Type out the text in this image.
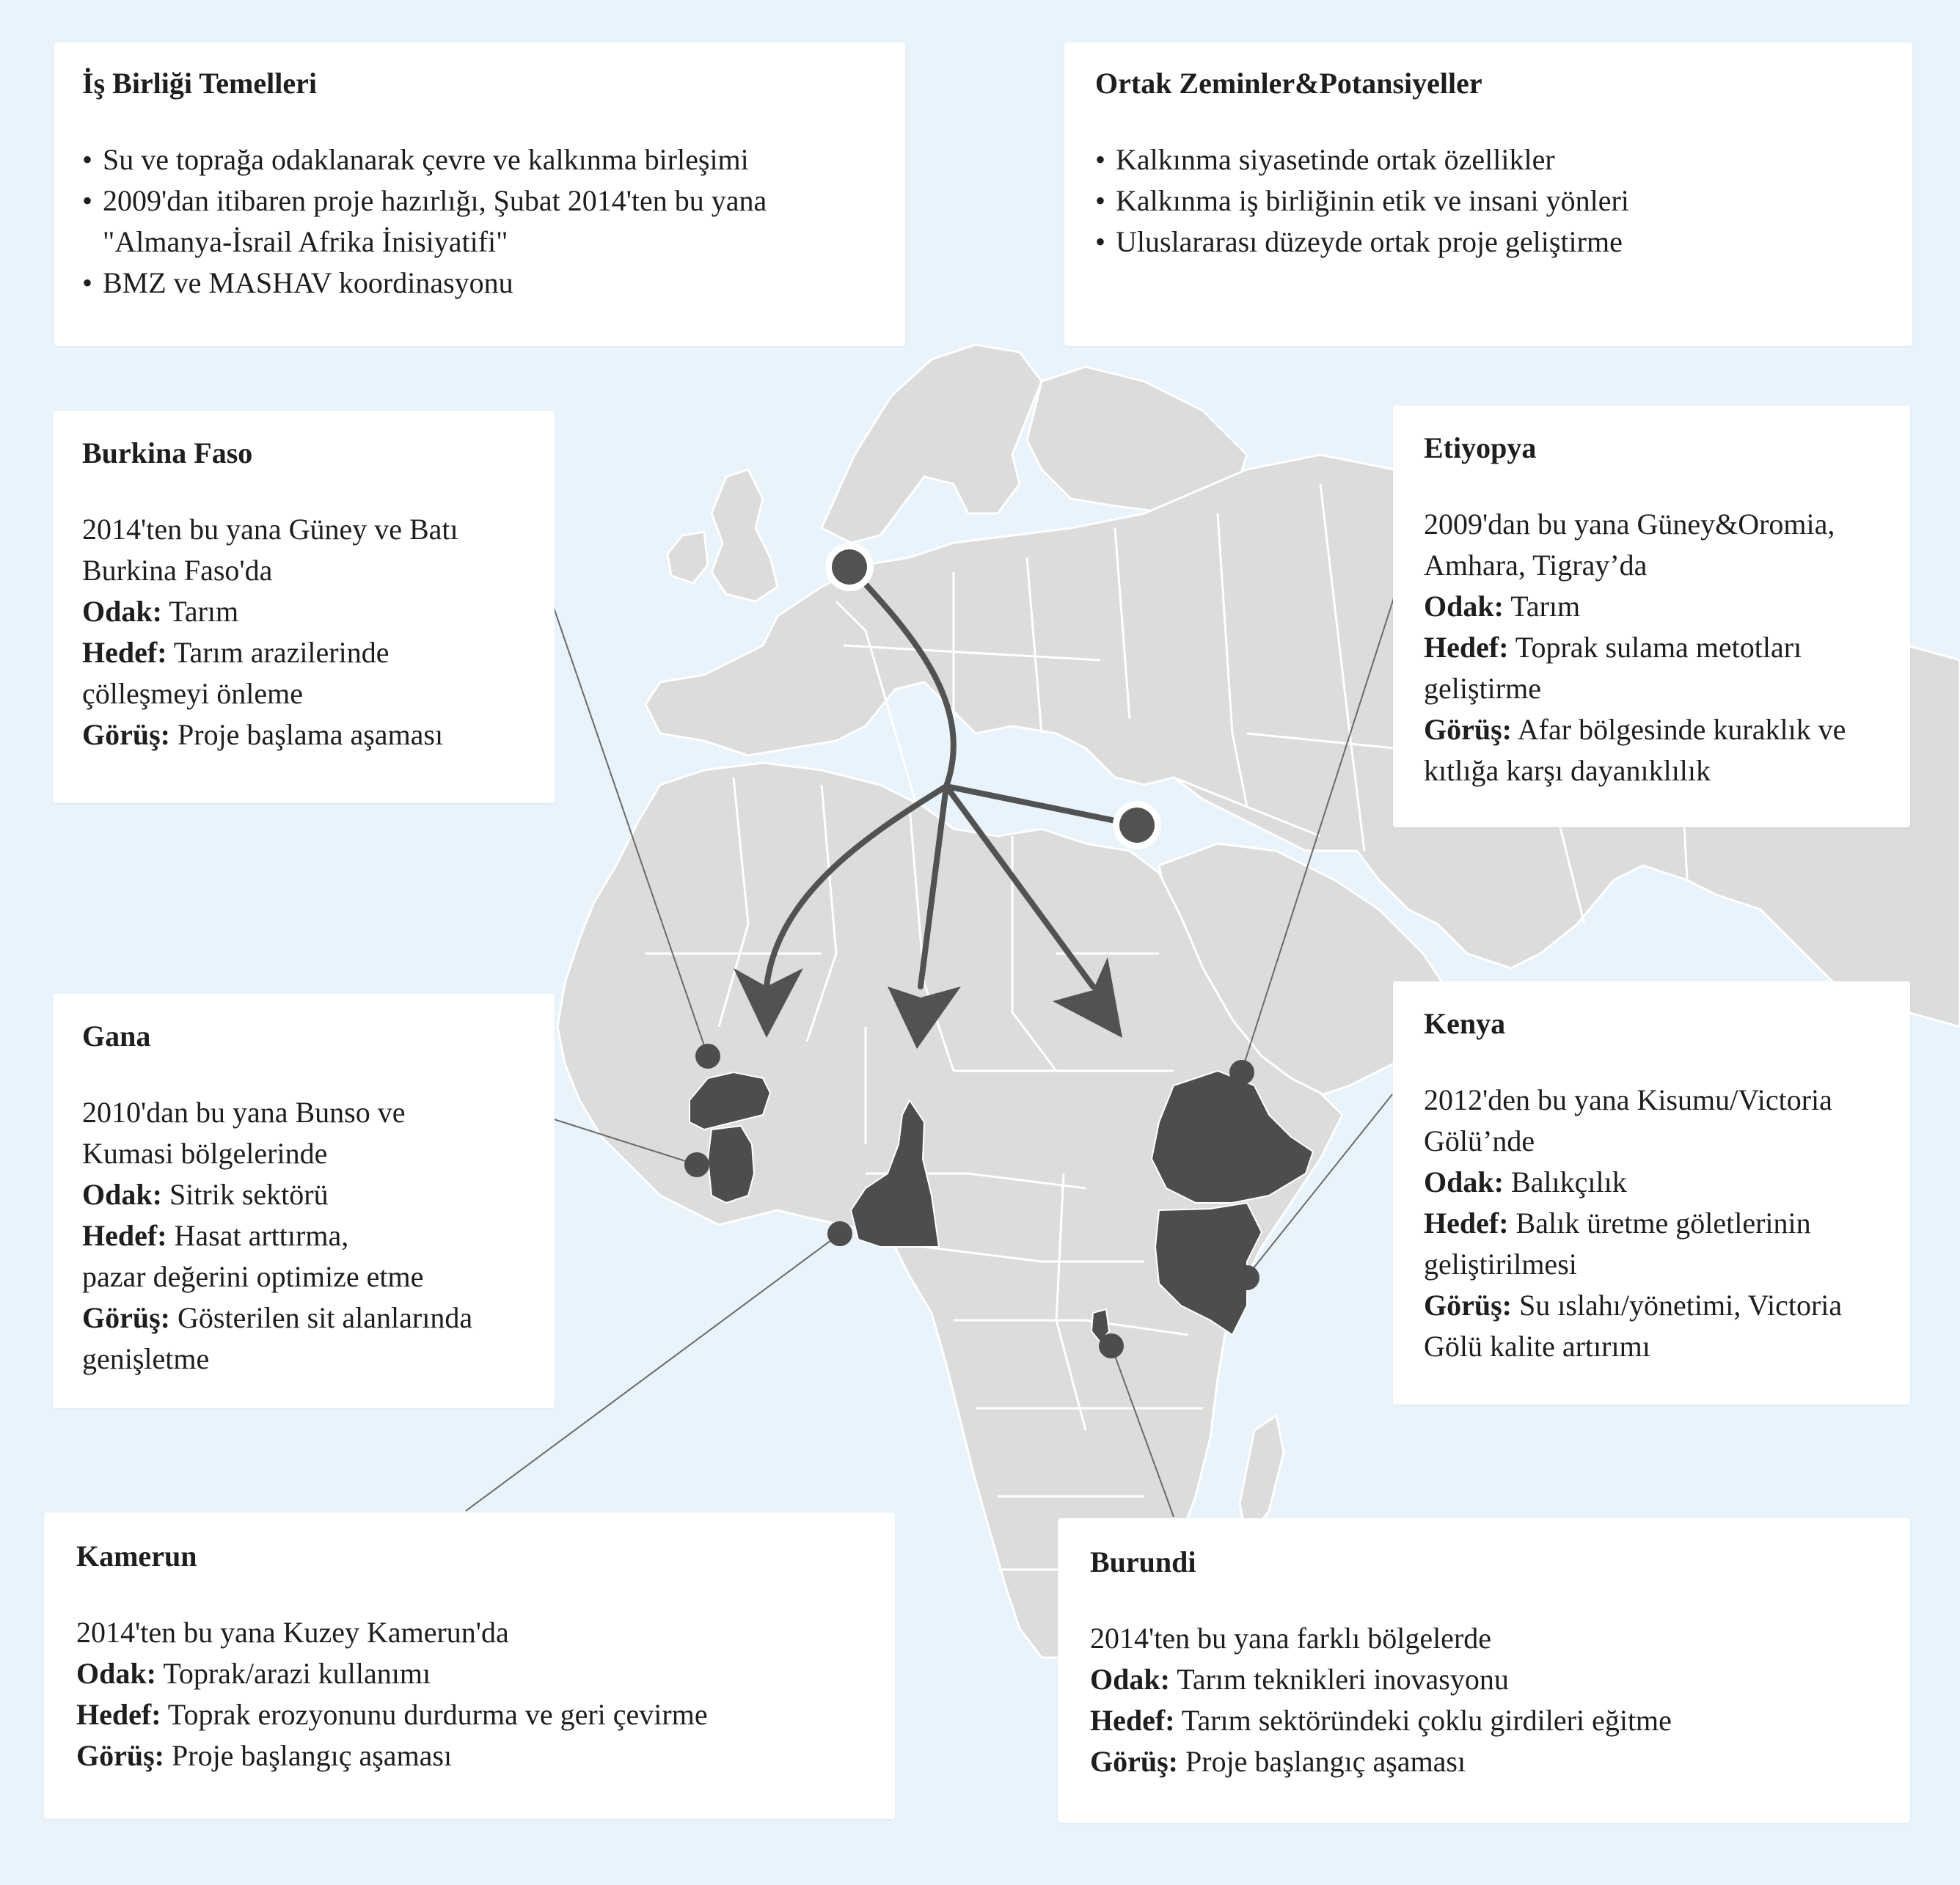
İş Birliği Temelleri
• Su ve toprağa odaklanarak çevre ve kalkınma birleşimi
• 2009'dan itibaren proje hazırlığı, Şubat 2014'ten bu yana "Almanya-İsrail Afrika İnisiyatifi"
• BMZ ve MASHAV koordinasyonu
Ortak Zeminler&Potansiyeller
• Kalkınma siyasetinde ortak özellikler
• Kalkınma iş birliğinin etik ve insani yönleri
• Uluslararası düzeyde ortak proje geliştirme
Burkina Faso
2014'ten bu yana Güney ve Batı
Burkina Faso'da
Odak: Tarım
Hedef: Tarım arazilerinde
çölleşmeyi önleme
Görüş: Proje başlama aşaması
Etiyopya
2009'dan bu yana Güney&Oromia,
Amhara, Tigray’da
Odak: Tarım
Hedef: Toprak sulama metotları
geliştirme
Görüş: Afar bölgesinde kuraklık ve
kıtlığa karşı dayanıklılık
Gana
2010'dan bu yana Bunso ve
Kumasi bölgelerinde
Odak: Sitrik sektörü
Hedef: Hasat arttırma,
pazar değerini optimize etme
Görüş: Gösterilen sit alanlarında
genişletme
Kenya
2012'den bu yana Kisumu/Victoria
Gölü’nde
Odak: Balıkçılık
Hedef: Balık üretme göletlerinin
geliştirilmesi
Görüş: Su ıslahı/yönetimi, Victoria
Gölü kalite artırımı
Kamerun
2014'ten bu yana Kuzey Kamerun'da
Odak: Toprak/arazi kullanımı
Hedef: Toprak erozyonunu durdurma ve geri çevirme
Görüş: Proje başlangıç aşaması
Burundi
2014'ten bu yana farklı bölgelerde
Odak: Tarım teknikleri inovasyonu
Hedef: Tarım sektöründeki çoklu girdileri eğitme
Görüş: Proje başlangıç aşaması
